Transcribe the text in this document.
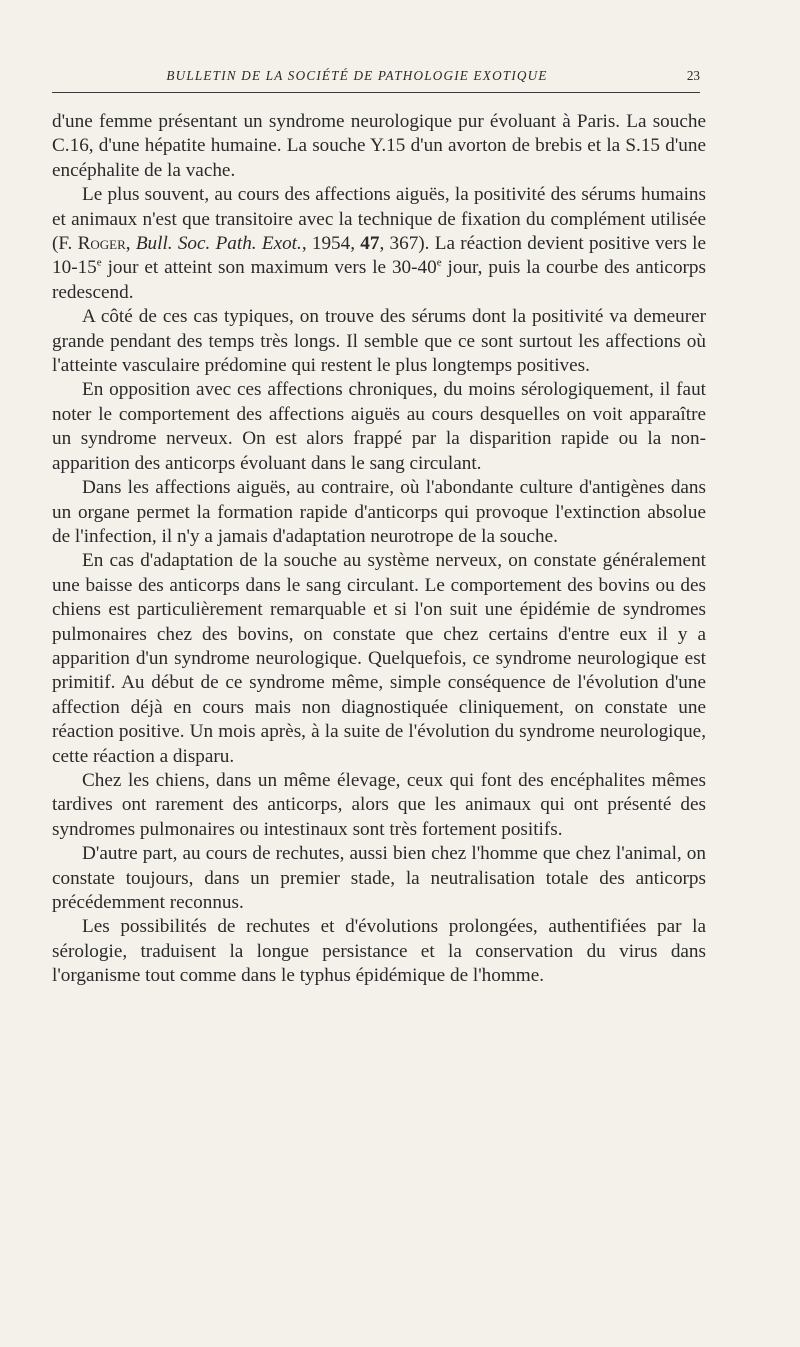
BULLETIN DE LA SOCIÉTÉ DE PATHOLOGIE EXOTIQUE	23

d'une femme présentant un syndrome neurologique pur évoluant à Paris. La souche C.16, d'une hépatite humaine. La souche Y.15 d'un avorton de brebis et la S.15 d'une encéphalite de la vache.

Le plus souvent, au cours des affections aiguës, la positivité des sérums humains et animaux n'est que transitoire avec la technique de fixation du complément utilisée (F. Roger, Bull. Soc. Path. Exot., 1954, 47, 367). La réaction devient positive vers le 10-15e jour et atteint son maximum vers le 30-40e jour, puis la courbe des anticorps redescend.

A côté de ces cas typiques, on trouve des sérums dont la positivité va demeurer grande pendant des temps très longs. Il semble que ce sont surtout les affections où l'atteinte vasculaire prédomine qui restent le plus longtemps positives.

En opposition avec ces affections chroniques, du moins sérologiquement, il faut noter le comportement des affections aiguës au cours desquelles on voit apparaître un syndrome nerveux. On est alors frappé par la disparition rapide ou la non-apparition des anticorps évoluant dans le sang circulant.

Dans les affections aiguës, au contraire, où l'abondante culture d'antigènes dans un organe permet la formation rapide d'anticorps qui provoque l'extinction absolue de l'infection, il n'y a jamais d'adaptation neurotrope de la souche.

En cas d'adaptation de la souche au système nerveux, on constate généralement une baisse des anticorps dans le sang circulant. Le comportement des bovins ou des chiens est particulièrement remarquable et si l'on suit une épidémie de syndromes pulmonaires chez des bovins, on constate que chez certains d'entre eux il y a apparition d'un syndrome neurologique. Quelquefois, ce syndrome neurologique est primitif. Au début de ce syndrome même, simple conséquence de l'évolution d'une affection déjà en cours mais non diagnostiquée cliniquement, on constate une réaction positive. Un mois après, à la suite de l'évolution du syndrome neurologique, cette réaction a disparu.

Chez les chiens, dans un même élevage, ceux qui font des encéphalites mêmes tardives ont rarement des anticorps, alors que les animaux qui ont présenté des syndromes pulmonaires ou intestinaux sont très fortement positifs.

D'autre part, au cours de rechutes, aussi bien chez l'homme que chez l'animal, on constate toujours, dans un premier stade, la neutralisation totale des anticorps précédemment reconnus.

Les possibilités de rechutes et d'évolutions prolongées, authentifiées par la sérologie, traduisent la longue persistance et la conservation du virus dans l'organisme tout comme dans le typhus épidémique de l'homme.
